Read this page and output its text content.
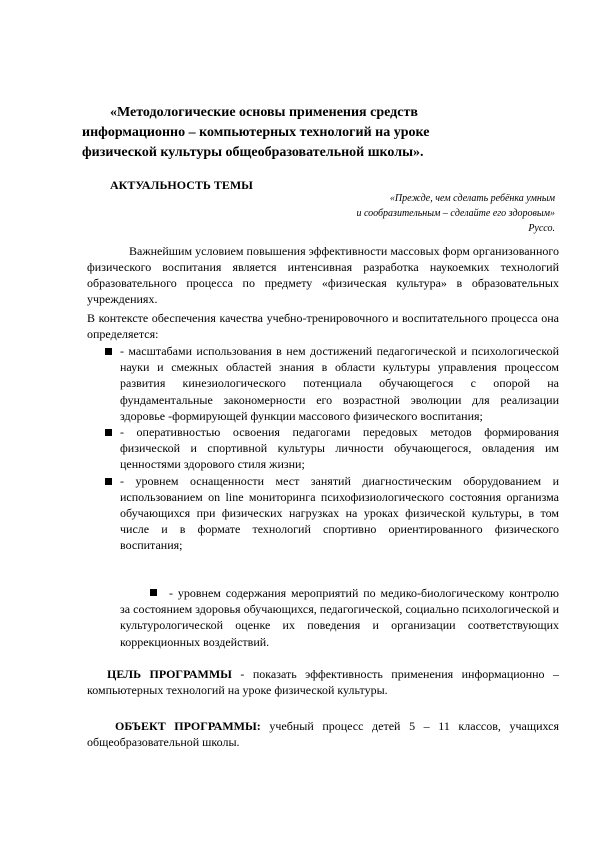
«Методологические основы применения средств
информационно – компьютерных технологий на уроке
физической культуры общеобразовательной школы».
АКТУАЛЬНОСТЬ ТЕМЫ
«Прежде, чем сделать ребёнка умным
и сообразительным – сделайте его здоровым»
Руссо.
Важнейшим условием повышения эффективности массовых форм организованного физического воспитания является интенсивная разработка наукоемких технологий образовательного процесса по предмету «физическая культура» в образовательных учреждениях.
В контексте обеспечения качества учебно-тренировочного и воспитательного процесса она определяется:
- масштабами использования в нем достижений педагогической и психологической науки и смежных областей знания в области культуры управления процессом развития кинезиологического потенциала обучающегося с опорой на фундаментальные закономерности его возрастной эволюции для реализации здоровье -формирующей функции массового физического воспитания;
- оперативностью освоения педагогами передовых методов формирования физической и спортивной культуры личности обучающегося, овладения им ценностями здорового стиля жизни;
- уровнем оснащенности мест занятий диагностическим оборудованием и использованием on line мониторинга психофизиологического состояния организма обучающихся при физических нагрузках на уроках физической культуры, в том числе и в формате технологий спортивно ориентированного физического воспитания;
- уровнем содержания мероприятий по медико-биологическому контролю за состоянием здоровья обучающихся, педагогической, социально психологической и культурологической оценке их поведения и организации соответствующих коррекционных воздействий.
ЦЕЛЬ ПРОГРАММЫ - показать эффективность применения информационно – компьютерных технологий на уроке физической культуры.
ОБЪЕКТ ПРОГРАММЫ: учебный процесс детей 5 – 11 классов, учащихся общеобразовательной школы.
